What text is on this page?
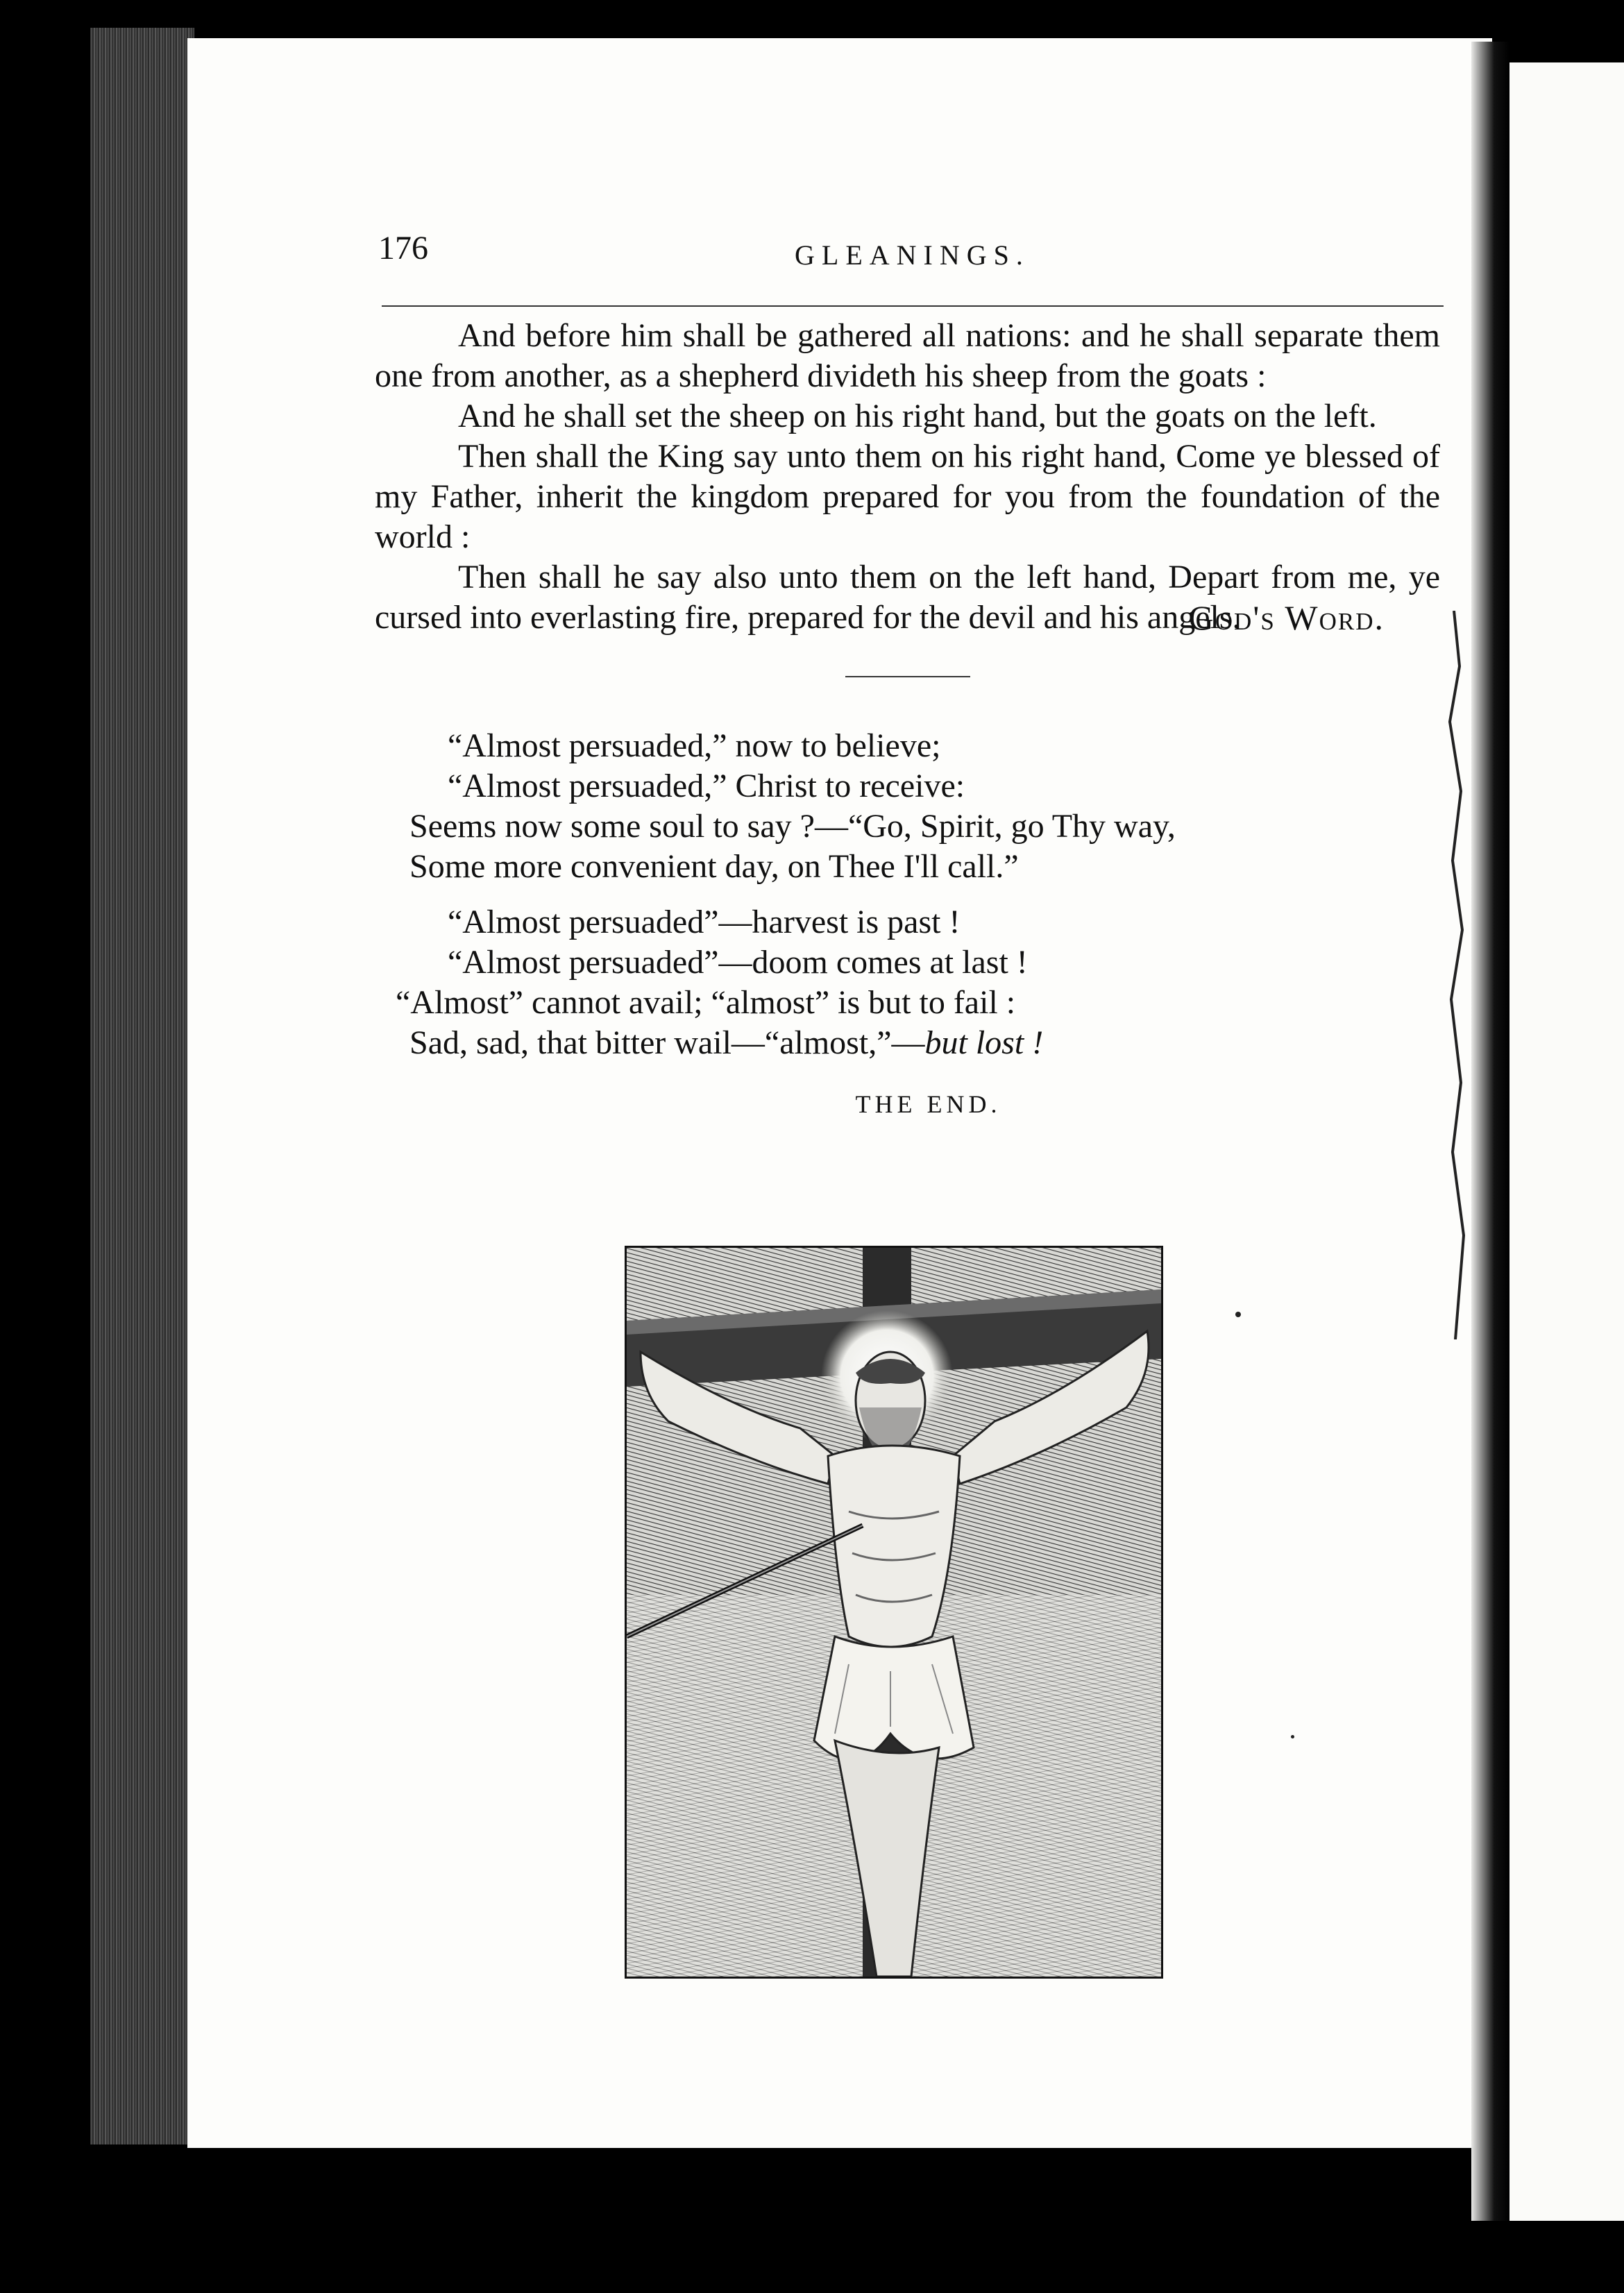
176	GLEANINGS.

And before him shall be gathered all nations: and he shall separate them one from another, as a shepherd divideth his sheep from the goats :

And he shall set the sheep on his right hand, but the goats on the left.

Then shall the King say unto them on his right hand, Come ye blessed of my Father, inherit the kingdom prepared for you from the foundation of the world :

Then shall he say also unto them on the left hand, Depart from me, ye cursed into everlasting fire, prepared for the devil and his angels.

God's Word.
“Almost persuaded,” now to believe;
“Almost persuaded,” Christ to receive:
Seems now some soul to say ?—“Go, Spirit, go Thy way,
Some more convenient day, on Thee I'll call.”
“Almost persuaded”—harvest is past !
“Almost persuaded”—doom comes at last !
“Almost” cannot avail; “almost” is but to fail :
Sad, sad, that bitter wail—“almost,”—but lost !
THE END.
